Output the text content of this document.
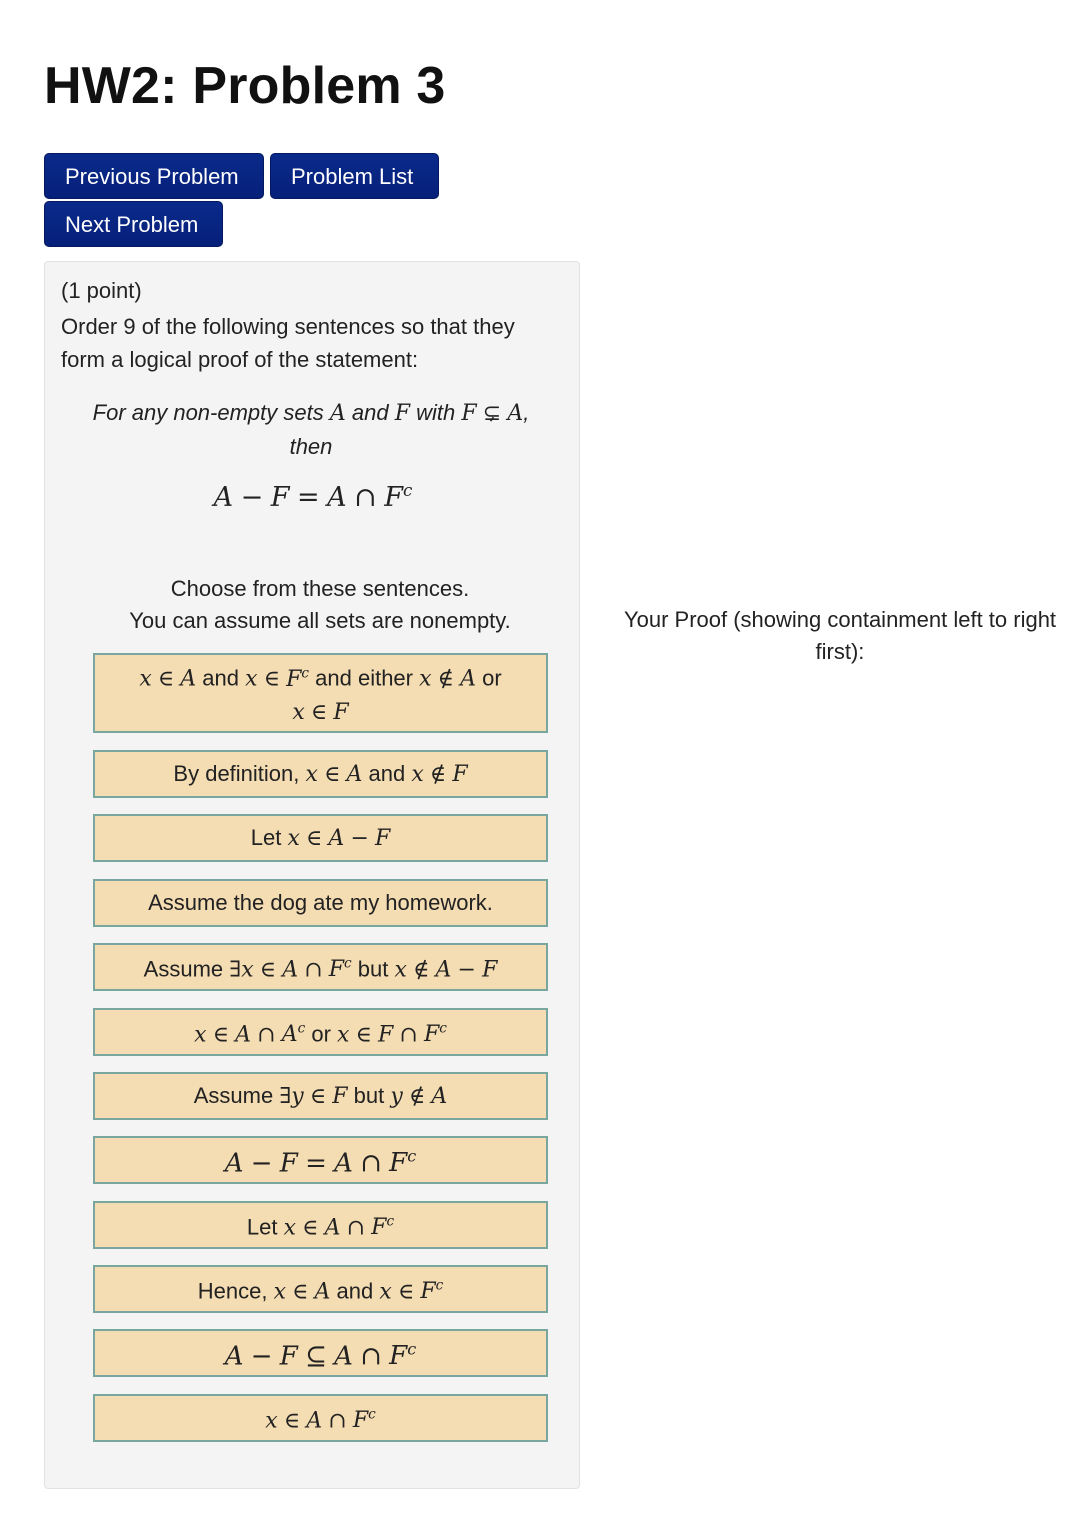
HW2: Problem 3
Previous Problem	Problem List
Next Problem
(1 point)
Order 9 of the following sentences so that they form a logical proof of the statement:
For any non-empty sets A and F with F ⊊ A,
then
A − F = A ∩ $F^c$
Choose from these sentences.
You can assume all sets are nonempty.
x ∈ A and x ∈ $F^c$ and either x ∉ A or
x ∈ F
By definition, x ∈ A and x ∉ F
Let x ∈ A − F
Assume the dog ate my homework.
Assume ∃x ∈ A ∩ $F^c$ but x ∉ A − F
x ∈ A ∩ $A^c$ or x ∈ F ∩ $F^c$
Assume ∃y ∈ F but y ∉ A
A − F = A ∩ $F^c$
Let x ∈ A ∩ $F^c$
Hence, x ∈ A and x ∈ $F^c$
A − F ⊆ A ∩ $F^c$
x ∈ A ∩ $F^c$
Your Proof (showing containment left to right first):
